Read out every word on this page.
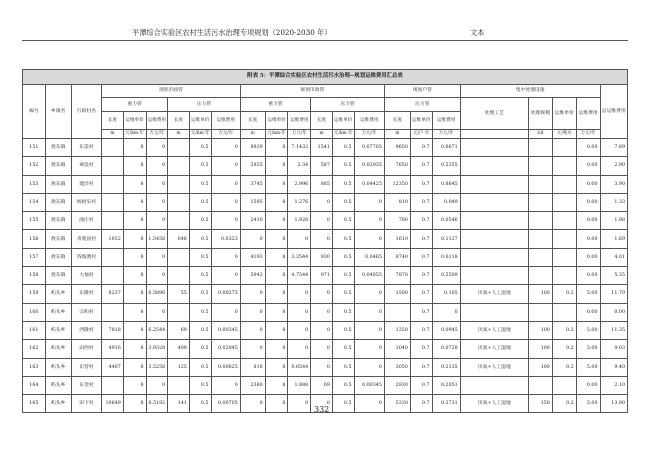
平潭综合实验区农村生活污水治理专项规划（2020-2030 年）	文本
附表 5：平潭综合实验区农村生活污水治理--规划运维费用汇总表																						
编号	乡镇名	行政村名	现状市政管						规划市政管						规划户管			集中处理设施				总运维费用
			重力管			压力管			重力管			压力管			压力管			处理工艺	处理规模	运维单价	运维费用	
			长度	运维单价	运维费用	长度	运维单价	运维费用	长度	运维单价	运维费用	长度	运维单价	运维费用	长度	运维单价	运维费用					

			m	元/km·年	万元/年	m	元/km·年	万元/年	m	元/km·年	万元/年	m	元/km·年	万元/年	m	元/户·年	万元/年		t/d	元/吨水	万元/年	
151	敖东镇	东渠村		8	0		0.5	0	8929	8	7.1432	1541	0.5	0.07705	9650	0.7	0.6671				0.00	7.89
152	敖东镇	翠浪村		8	0		0.5	0	2925	8	2.34	587	0.5	0.02935	7650	0.7	0.5355				0.00	2.90
153	敖东镇	建洋村		8	0		0.5	0	3745	8	2.996	885	0.5	0.04425	12350	0.7	0.8645				0.00	3.90
154	敖东镇	杨梧头村		8	0		0.5	0	1595	8	1.276	0	0.5	0	810	0.7	0.049				0.00	1.33
155	敖东镇	曲庄村		8	0		0.5	0	2410	8	1.928	0	0.5	0	780	0.7	0.0546				0.00	1.98
156	敖东镇	青观顶村	1932	8	1.5456	646	0.5	0.0323	0	8	0	0	0.5	0	1610	0.7	0.1127				0.00	1.69
157	敖东镇	钱坡澳村		8	0		0.5	0	4193	8	3.3544	930	0.5	0.0465	8740	0.7	0.6118				0.00	4.01
158	敖东镇	大福村		8	0		0.5	0	5943	8	4.7544	971	0.5	0.04855	7870	0.7	0.5509				0.00	5.35
159	屿头乡	东隆村	8237	8	6.5896	55	0.5	0.00275	0	8	0	0	0.5	0	1500	0.7	0.105	厌氧+人工湿地	100	0.2	5.00	11.70
160	屿头乡	宗屿村		8	0		0.5	0	0	8	0	0	0.5	0		0.7	0				0.00	0.00
161	屿头乡	西隆村	7818	8	6.2544	69	0.5	0.00345	0	8	0	0	0.5	0	1350	0.7	0.0945	厌氧+人工湿地	100	0.2	5.00	11.35
162	屿头乡	田西村	4916	8	3.9328	409	0.5	0.02045	0	8	0	0	0.5	0	1040	0.7	0.0728	厌氧+人工湿地	100	0.2	5.00	9.03
163	屿头乡	东营村	4407	8	3.5256	125	0.5	0.00625	818	8	0.6544	0	0.5	0	3050	0.7	0.2135	厌氧+人工湿地	100	0.2	5.00	9.40
164	屿头乡	东金村		8	0		0.5	0	2360	8	1.888	69	0.5	0.00345	2930	0.7	0.2051				0.00	2.10
165	屿头乡	田下村	10649	8	8.5192	141	0.5	0.00705	0	8	0	0	0.5	0	5330	0.7	0.3731	厌氧+人工湿地	150	0.2	5.00	13.90
332
